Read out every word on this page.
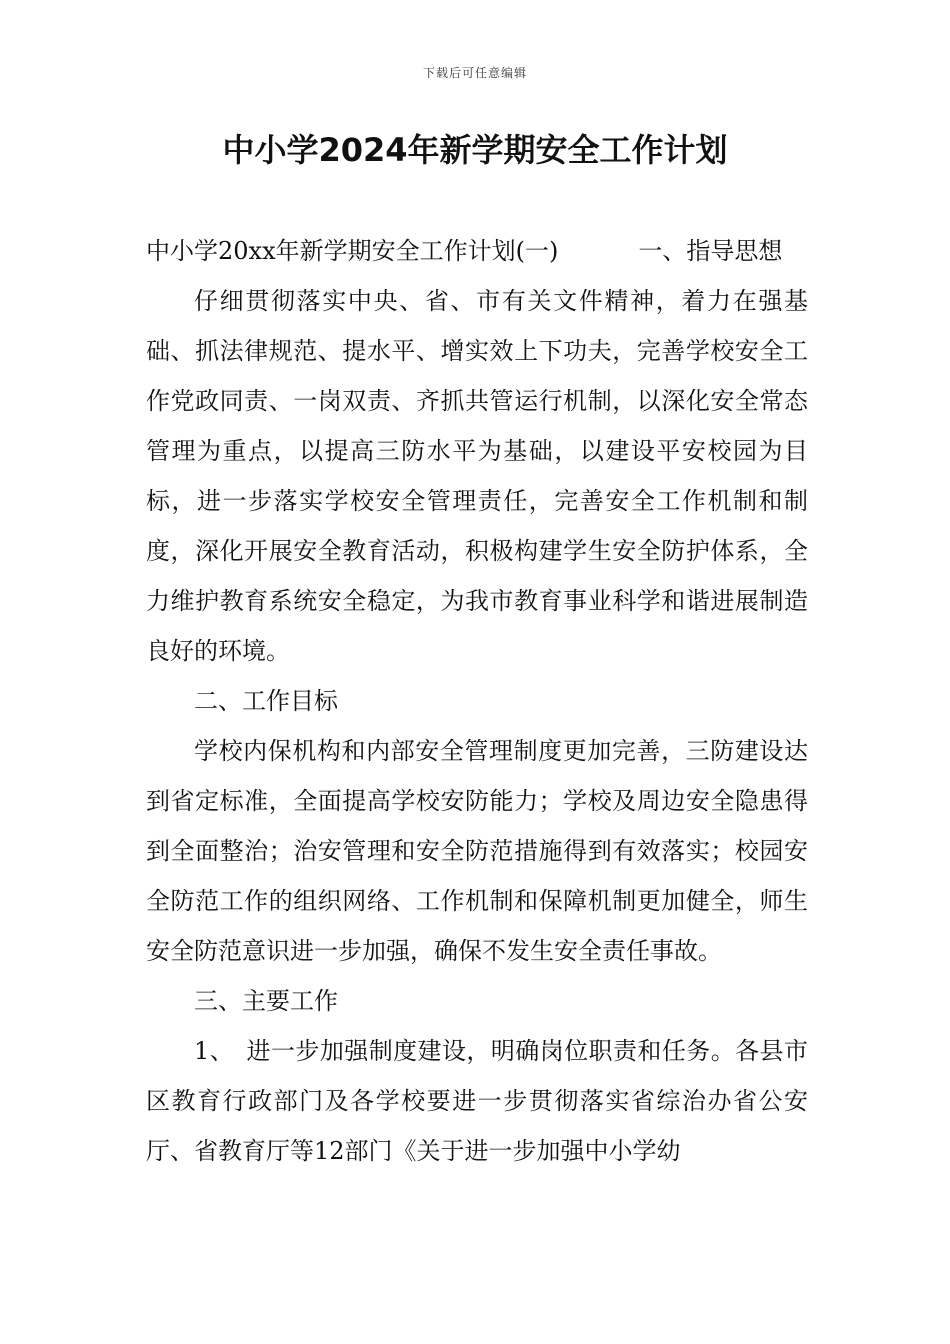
下载后可任意编辑
中小学2024年新学期安全工作计划

中小学20xx年新学期安全工作计划(一)	一、指导思想

仔细贯彻落实中央、省、市有关文件精神，着力在强基础、抓法律规范、提水平、增实效上下功夫，完善学校安全工作党政同责、一岗双责、齐抓共管运行机制，以深化安全常态管理为重点，以提高三防水平为基础，以建设平安校园为目标，进一步落实学校安全管理责任，完善安全工作机制和制度，深化开展安全教育活动，积极构建学生安全防护体系，全力维护教育系统安全稳定，为我市教育事业科学和谐进展制造良好的环境。

二、工作目标

学校内保机构和内部安全管理制度更加完善，三防建设达到省定标准，全面提高学校安防能力；学校及周边安全隐患得到全面整治；治安管理和安全防范措施得到有效落实；校园安全防范工作的组织网络、工作机制和保障机制更加健全，师生安全防范意识进一步加强，确保不发生安全责任事故。

三、主要工作

1、　进一步加强制度建设，明确岗位职责和任务。各县市区教育行政部门及各学校要进一步贯彻落实省综治办省公安厅、省教育厅等12部门《关于进一步加强中小学幼
